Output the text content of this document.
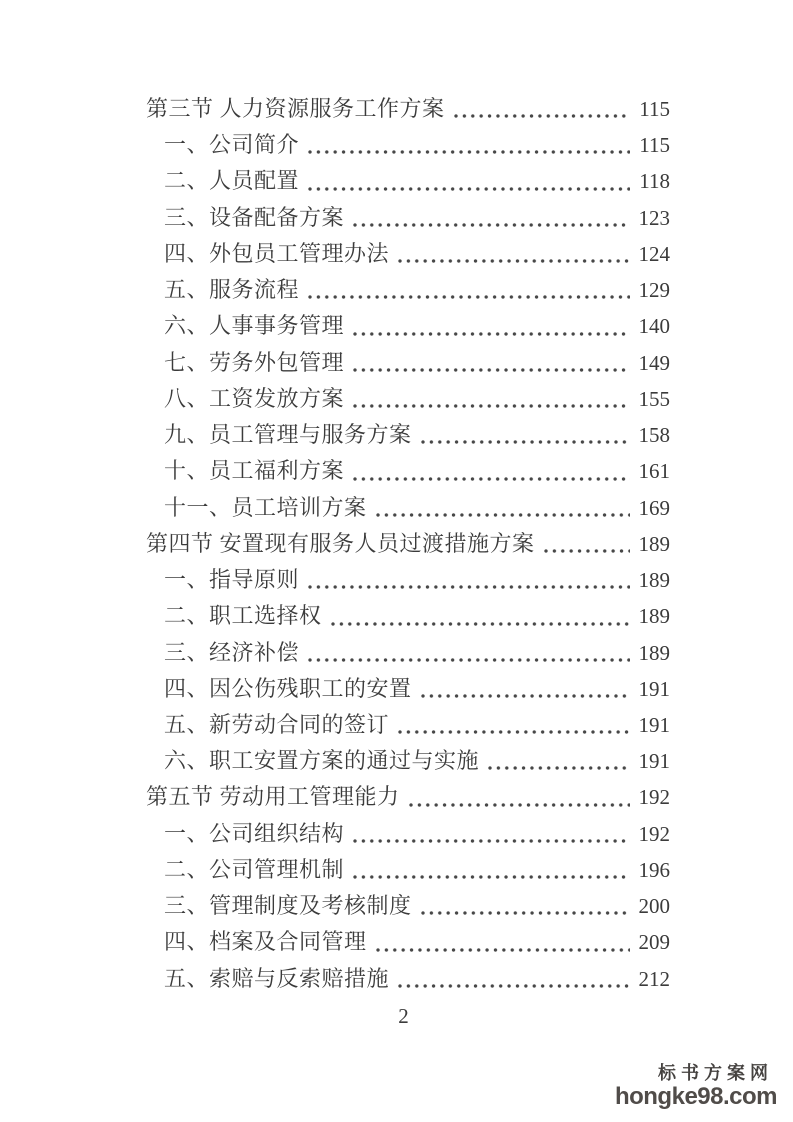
第三节 人力资源服务工作方案	115
一、公司简介	115
二、人员配置	118
三、设备配备方案	123
四、外包员工管理办法	124
五、服务流程	129
六、人事事务管理	140
七、劳务外包管理	149
八、工资发放方案	155
九、员工管理与服务方案	158
十、员工福利方案	161
十一、员工培训方案	169
第四节 安置现有服务人员过渡措施方案	189
一、指导原则	189
二、职工选择权	189
三、经济补偿	189
四、因公伤残职工的安置	191
五、新劳动合同的签订	191
六、职工安置方案的通过与实施	191
第五节 劳动用工管理能力	192
一、公司组织结构	192
二、公司管理机制	196
三、管理制度及考核制度	200
四、档案及合同管理	209
五、索赔与反索赔措施	212
2
标书方案网
hongke98.com
